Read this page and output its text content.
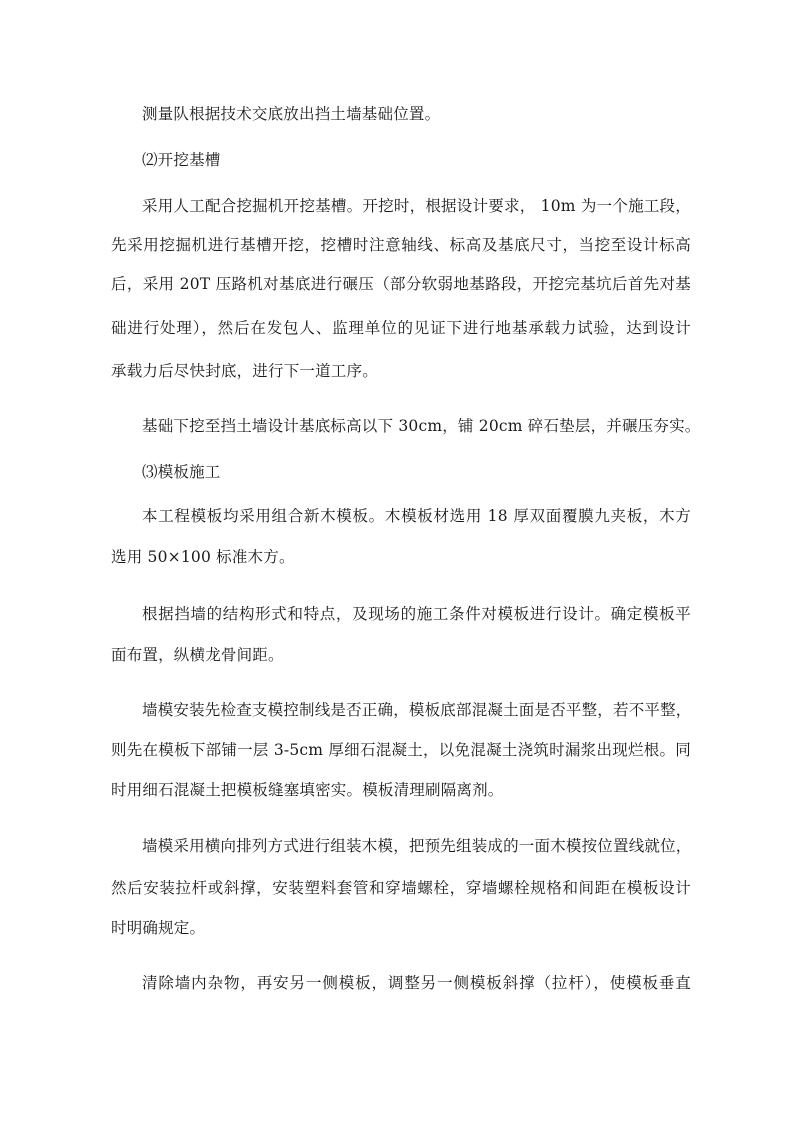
测量队根据技术交底放出挡土墙基础位置。
⑵开挖基槽
采用人工配合挖掘机开挖基槽。开挖时，根据设计要求， 10m 为一个施工段，
先采用挖掘机进行基槽开挖，挖槽时注意轴线、标高及基底尺寸，当挖至设计标高
后，采用 20T 压路机对基底进行碾压（部分软弱地基路段，开挖完基坑后首先对基
础进行处理），然后在发包人、监理单位的见证下进行地基承载力试验，达到设计
承载力后尽快封底，进行下一道工序。
基础下挖至挡土墙设计基底标高以下 30cm，铺 20cm 碎石垫层，并碾压夯实。
⑶模板施工
本工程模板均采用组合新木模板。木模板材选用 18 厚双面覆膜九夹板，木方
选用 50×100 标准木方。
根据挡墙的结构形式和特点，及现场的施工条件对模板进行设计。确定模板平
面布置，纵横龙骨间距。
墙模安装先检查支模控制线是否正确，模板底部混凝土面是否平整，若不平整，
则先在模板下部铺一层 3-5cm 厚细石混凝土，以免混凝土浇筑时漏浆出现烂根。同
时用细石混凝土把模板缝塞填密实。模板清理刷隔离剂。
墙模采用横向排列方式进行组装木模，把预先组装成的一面木模按位置线就位，
然后安装拉杆或斜撑，安装塑料套管和穿墙螺栓，穿墙螺栓规格和间距在模板设计
时明确规定。
清除墙内杂物，再安另一侧模板，调整另一侧模板斜撑（拉杆），使模板垂直
